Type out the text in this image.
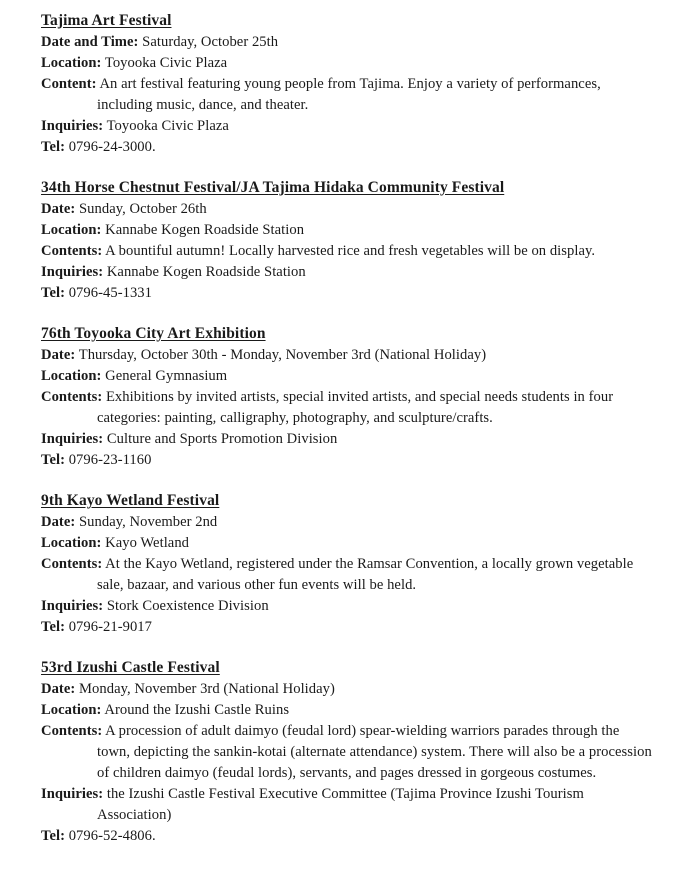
Tajima Art Festival

Date and Time: Saturday, October 25th

Location: Toyooka Civic Plaza

Content: An art festival featuring young people from Tajima. Enjoy a variety of performances, including music, dance, and theater.

Inquiries: Toyooka Civic Plaza

Tel: 0796-24-3000.

34th Horse Chestnut Festival/JA Tajima Hidaka Community Festival

Date: Sunday, October 26th

Location: Kannabe Kogen Roadside Station

Contents: A bountiful autumn! Locally harvested rice and fresh vegetables will be on display.

Inquiries: Kannabe Kogen Roadside Station

Tel: 0796-45-1331

76th Toyooka City Art Exhibition

Date: Thursday, October 30th - Monday, November 3rd (National Holiday)

Location: General Gymnasium

Contents: Exhibitions by invited artists, special invited artists, and special needs students in four categories: painting, calligraphy, photography, and sculpture/crafts.

Inquiries: Culture and Sports Promotion Division

Tel: 0796-23-1160

9th Kayo Wetland Festival

Date: Sunday, November 2nd

Location: Kayo Wetland

Contents: At the Kayo Wetland, registered under the Ramsar Convention, a locally grown vegetable sale, bazaar, and various other fun events will be held.

Inquiries: Stork Coexistence Division

Tel: 0796-21-9017

53rd Izushi Castle Festival

Date: Monday, November 3rd (National Holiday)

Location: Around the Izushi Castle Ruins

Contents: A procession of adult daimyo (feudal lord) spear-wielding warriors parades through the town, depicting the sankin-kotai (alternate attendance) system. There will also be a procession of children daimyo (feudal lords), servants, and pages dressed in gorgeous costumes.

Inquiries: the Izushi Castle Festival Executive Committee (Tajima Province Izushi Tourism Association)

Tel: 0796-52-4806.
